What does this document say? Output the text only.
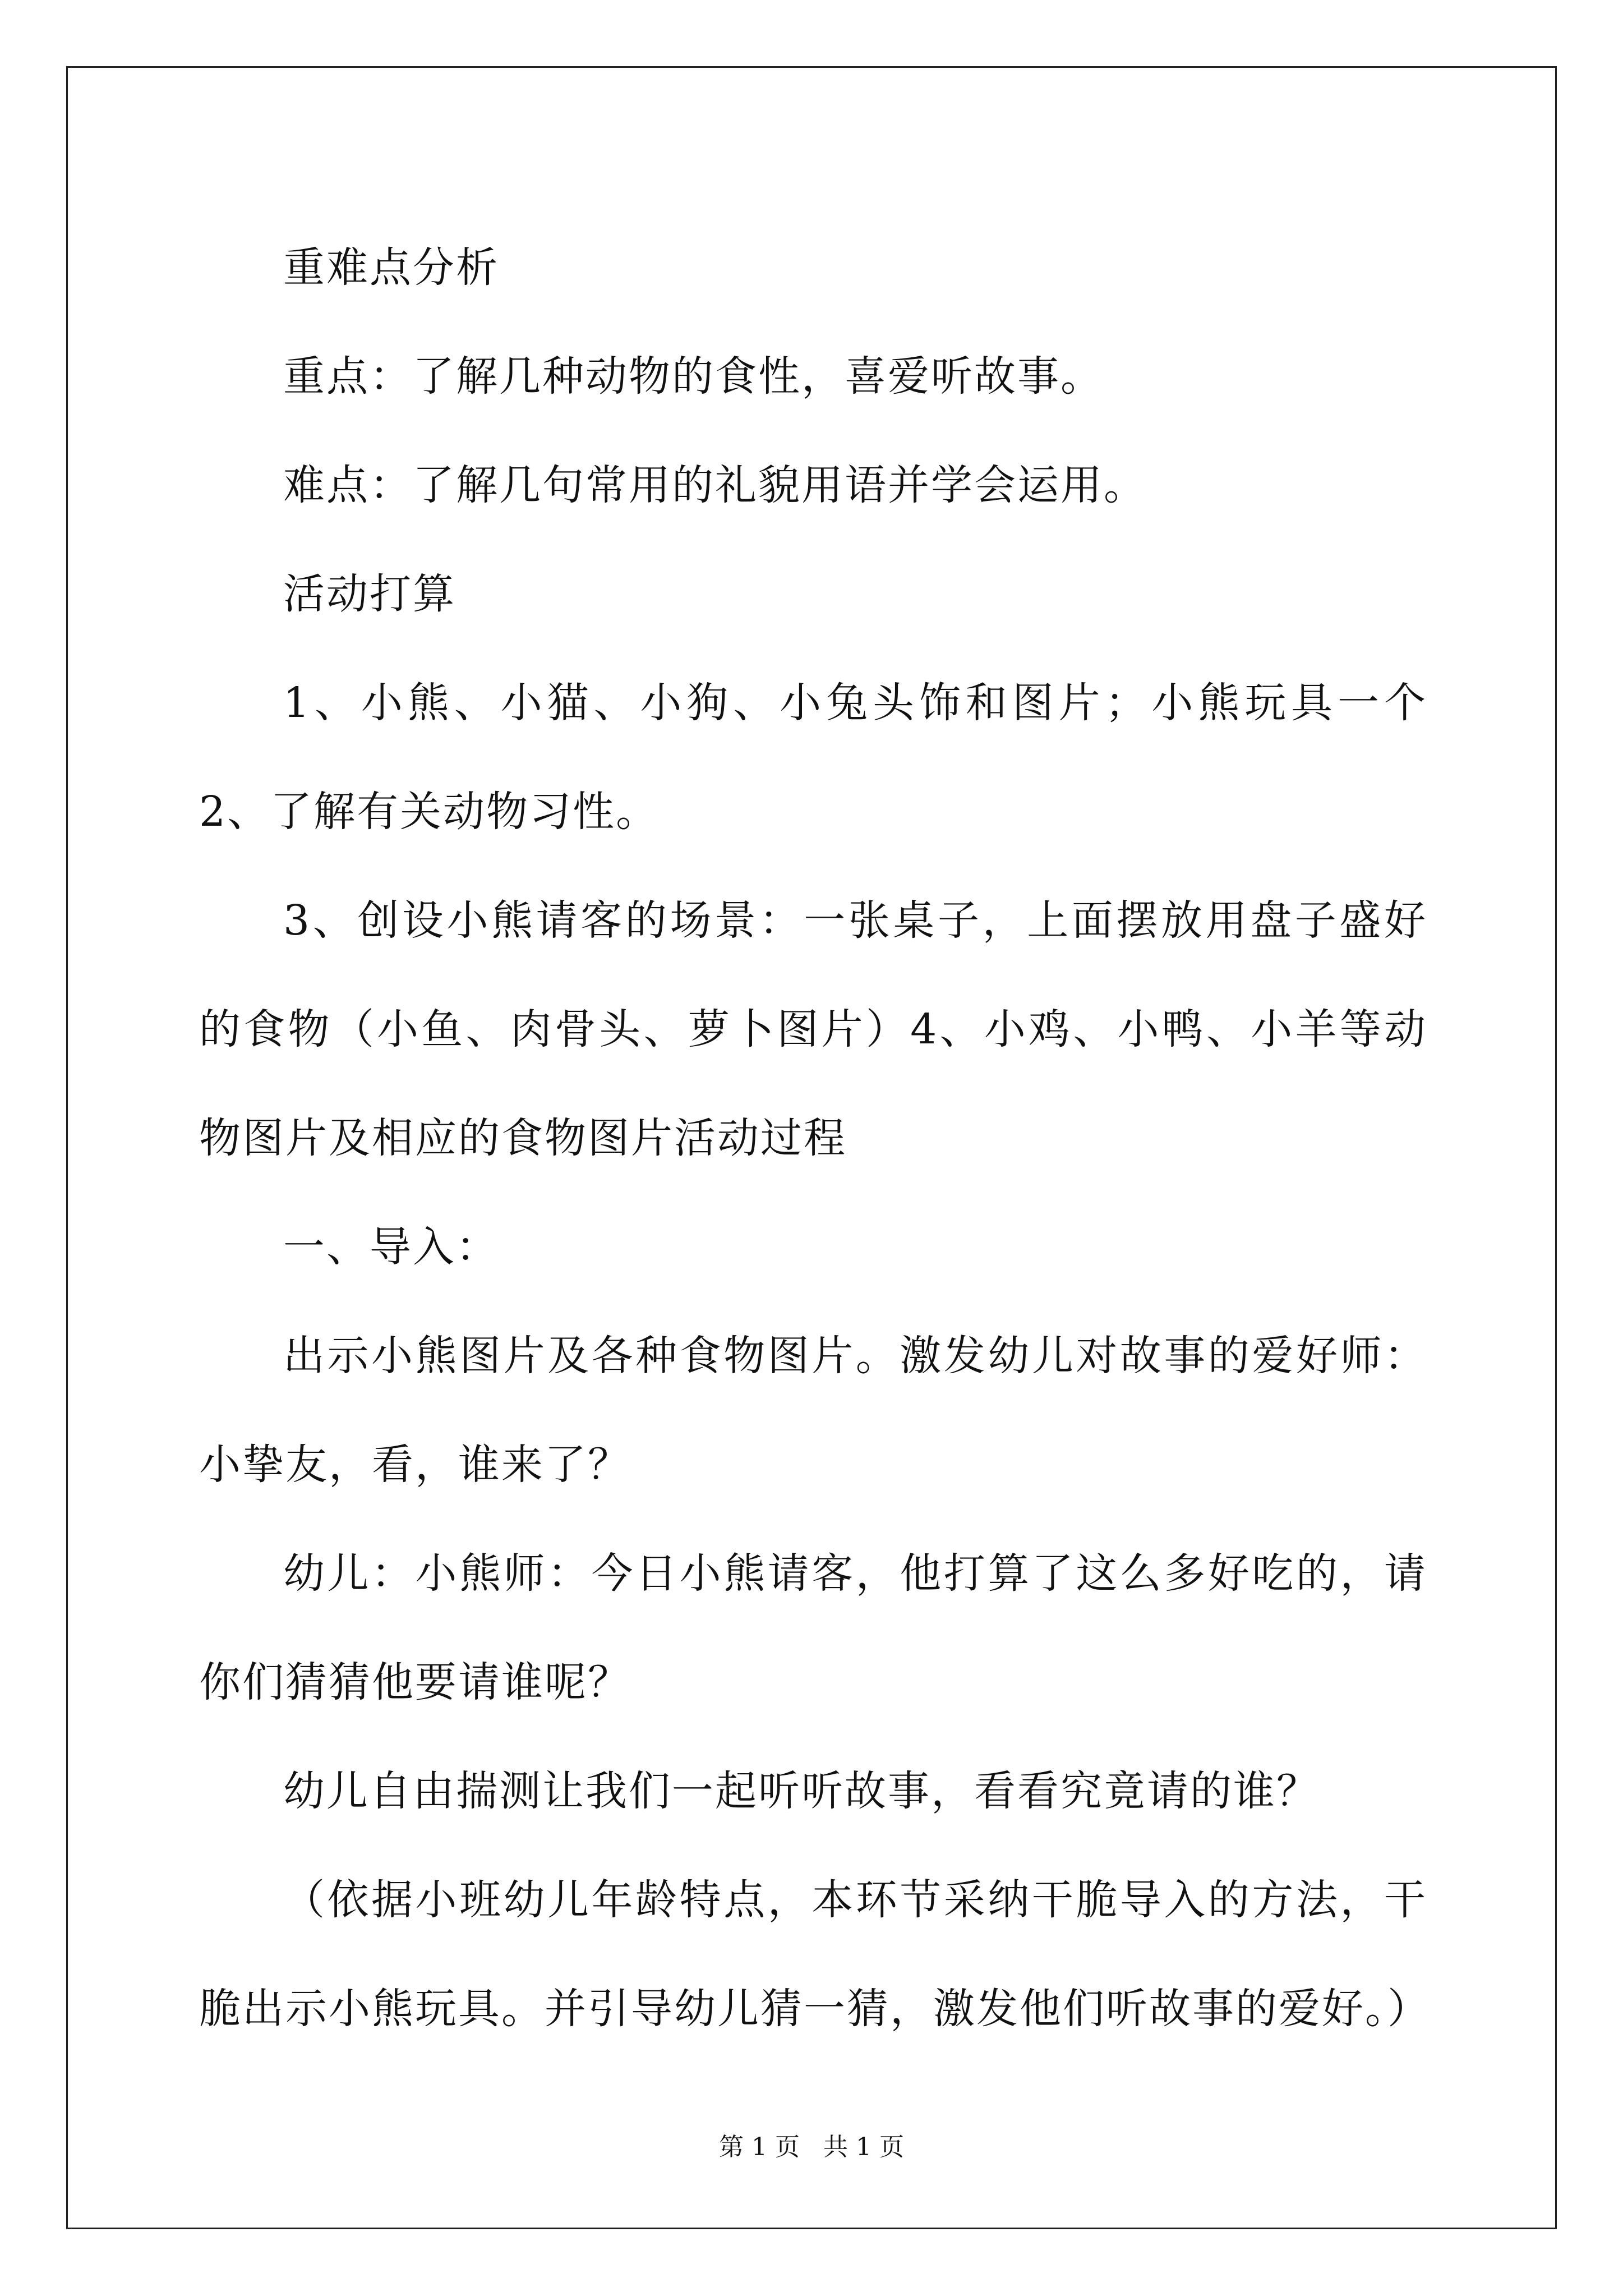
重难点分析

重点：了解几种动物的食性，喜爱听故事。

难点：了解几句常用的礼貌用语并学会运用。

活动打算

1、小熊、小猫、小狗、小兔头饰和图片；小熊玩具一个 2、了解有关动物习性。

3、创设小熊请客的场景：一张桌子，上面摆放用盘子盛好的食物（小鱼、肉骨头、萝卜图片）4、小鸡、小鸭、小羊等动物图片及相应的食物图片活动过程

一、导入：

出示小熊图片及各种食物图片。激发幼儿对故事的爱好师：小挚友，看，谁来了？

幼儿：小熊师：今日小熊请客，他打算了这么多好吃的，请你们猜猜他要请谁呢？

幼儿自由揣测让我们一起听听故事，看看究竟请的谁？

（依据小班幼儿年龄特点，本环节采纳干脆导入的方法，干脆出示小熊玩具。并引导幼儿猜一猜，激发他们听故事的爱好。）

第 1 页   共 1 页
